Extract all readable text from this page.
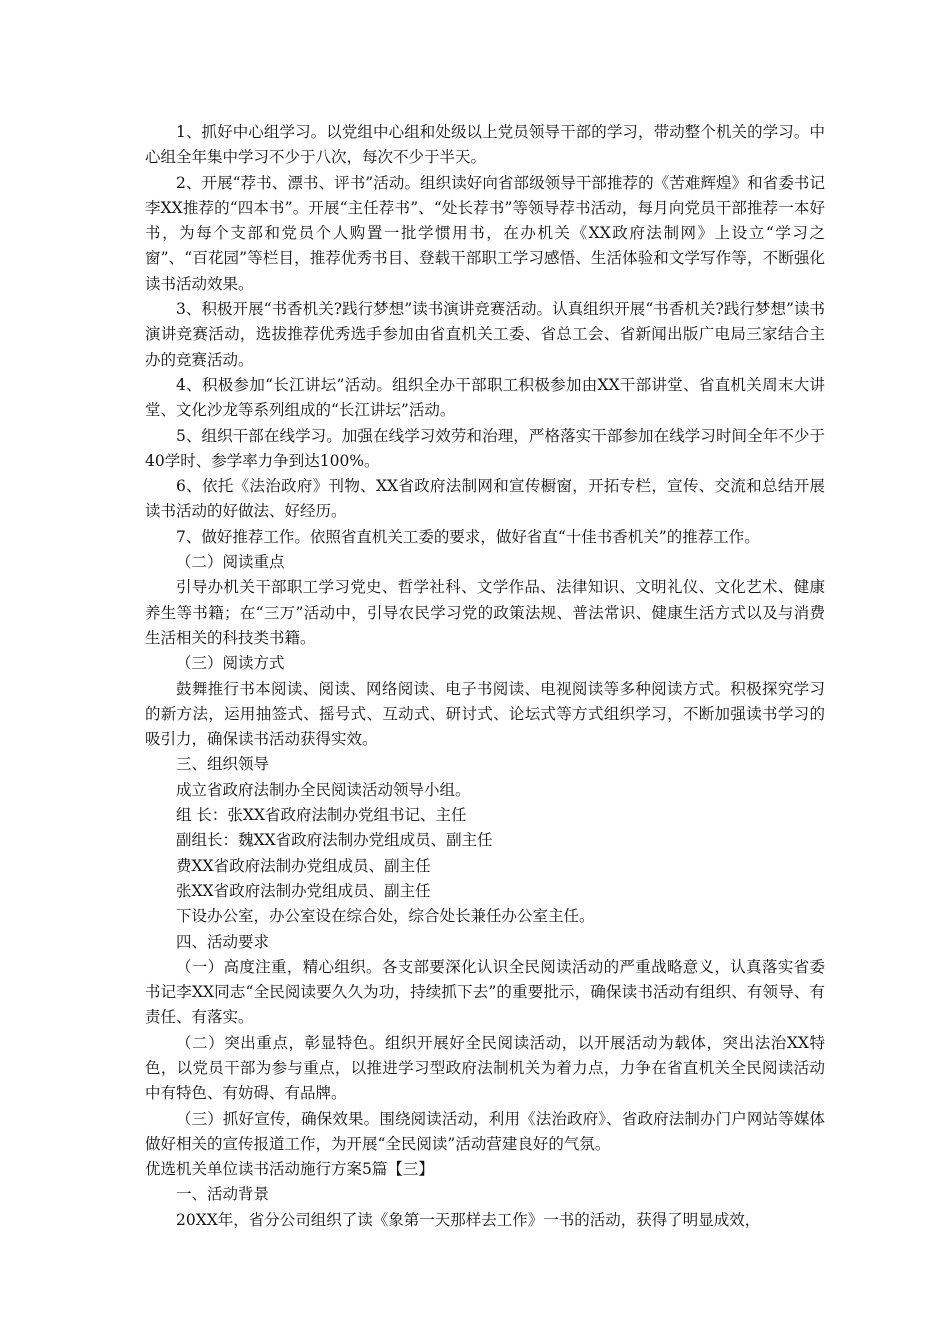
1、抓好中心组学习。以党组中心组和处级以上党员领导干部的学习，带动整个机关的学习。中心组全年集中学习不少于八次，每次不少于半天。

2、开展“荐书、漂书、评书”活动。组织读好向省部级领导干部推荐的《苦难辉煌》和省委书记李XX推荐的“四本书”。开展“主任荐书”、“处长荐书”等领导荐书活动，每月向党员干部推荐一本好书，为每个支部和党员个人购置一批学惯用书，在办机关《XX政府法制网》上设立“学习之窗”、“百花园”等栏目，推荐优秀书目、登载干部职工学习感悟、生活体验和文学写作等，不断强化读书活动效果。

3、积极开展“书香机关?践行梦想”读书演讲竞赛活动。认真组织开展“书香机关?践行梦想”读书演讲竞赛活动，选拔推荐优秀选手参加由省直机关工委、省总工会、省新闻出版广电局三家结合主办的竞赛活动。

4、积极参加“长江讲坛”活动。组织全办干部职工积极参加由XX干部讲堂、省直机关周末大讲堂、文化沙龙等系列组成的“长江讲坛”活动。

5、组织干部在线学习。加强在线学习效劳和治理，严格落实干部参加在线学习时间全年不少于40学时、参学率力争到达100%。

6、依托《法治政府》刊物、XX省政府法制网和宣传橱窗，开拓专栏，宣传、交流和总结开展读书活动的好做法、好经历。

7、做好推荐工作。依照省直机关工委的要求，做好省直“十佳书香机关”的推荐工作。

（二）阅读重点

引导办机关干部职工学习党史、哲学社科、文学作品、法律知识、文明礼仪、文化艺术、健康养生等书籍；在“三万”活动中，引导农民学习党的政策法规、普法常识、健康生活方式以及与消费生活相关的科技类书籍。

（三）阅读方式

鼓舞推行书本阅读、阅读、网络阅读、电子书阅读、电视阅读等多种阅读方式。积极探究学习的新方法，运用抽签式、摇号式、互动式、研讨式、论坛式等方式组织学习，不断加强读书学习的吸引力，确保读书活动获得实效。

三、组织领导

成立省政府法制办全民阅读活动领导小组。

组 长：张XX省政府法制办党组书记、主任

副组长：魏XX省政府法制办党组成员、副主任

费XX省政府法制办党组成员、副主任

张XX省政府法制办党组成员、副主任

下设办公室，办公室设在综合处，综合处长兼任办公室主任。

四、活动要求

（一）高度注重，精心组织。各支部要深化认识全民阅读活动的严重战略意义，认真落实省委书记李XX同志“全民阅读要久久为功，持续抓下去”的重要批示，确保读书活动有组织、有领导、有责任、有落实。

（二）突出重点，彰显特色。组织开展好全民阅读活动，以开展活动为载体，突出法治XX特色，以党员干部为参与重点，以推进学习型政府法制机关为着力点，力争在省直机关全民阅读活动中有特色、有妨碍、有品牌。

（三）抓好宣传，确保效果。围绕阅读活动，利用《法治政府》、省政府法制办门户网站等媒体做好相关的宣传报道工作，为开展“全民阅读”活动营建良好的气氛。

优选机关单位读书活动施行方案5篇【三】

一、活动背景

20XX年，省分公司组织了读《象第一天那样去工作》一书的活动，获得了明显成效，
